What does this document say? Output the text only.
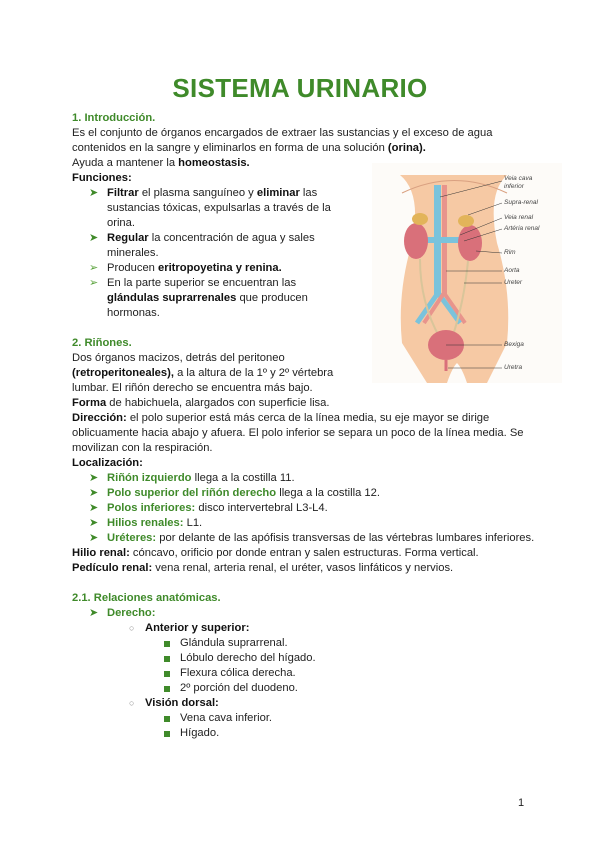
SISTEMA URINARIO
Veia cava inferior
Supra-renal
Veia renal
Artéria renal
Rim
Aorta
Ureter
Bexiga
Uretra

1. Introducción.

Es el conjunto de órganos encargados de extraer las sustancias y el exceso de agua contenidos en la sangre y eliminarlos en forma de una solución (orina).

Ayuda a mantener la homeostasis.

Funciones:

➤ Filtrar el plasma sanguíneo y eliminar las sustancias tóxicas, expulsarlas a través de la orina.
➤ Regular la concentración de agua y sales minerales.
➢ Producen eritropoyetina y renina.
➢ En la parte superior se encuentran las glándulas suprarrenales que producen hormonas.

2. Riñones.

Dos órganos macizos, detrás del peritoneo (retroperitoneales), a la altura de la 1º y 2º vértebra lumbar. El riñón derecho se encuentra más bajo.

Forma de habichuela, alargados con superficie lisa.

Dirección: el polo superior está más cerca de la línea media, su eje mayor se dirige oblicuamente hacia abajo y afuera. El polo inferior se separa un poco de la línea media. Se movilizan con la respiración.

Localización:

➤ Riñón izquierdo llega a la costilla 11.
➤ Polo superior del riñón derecho llega a la costilla 12.
➤ Polos inferiores: disco intervertebral L3-L4.
➤ Hilios renales: L1.
➤ Uréteres: por delante de las apófisis transversas de las vértebras lumbares inferiores.

Hilio renal: cóncavo, orificio por donde entran y salen estructuras. Forma vertical.

Pedículo renal: vena renal, arteria renal, el uréter, vasos linfáticos y nervios.

2.1. Relaciones anatómicas.

➤ Derecho:
○ Anterior y superior:
Glándula suprarrenal.
Lóbulo derecho del hígado.
Flexura cólica derecha.
2º porción del duodeno.
○ Visión dorsal:
Vena cava inferior.
Hígado.
1
